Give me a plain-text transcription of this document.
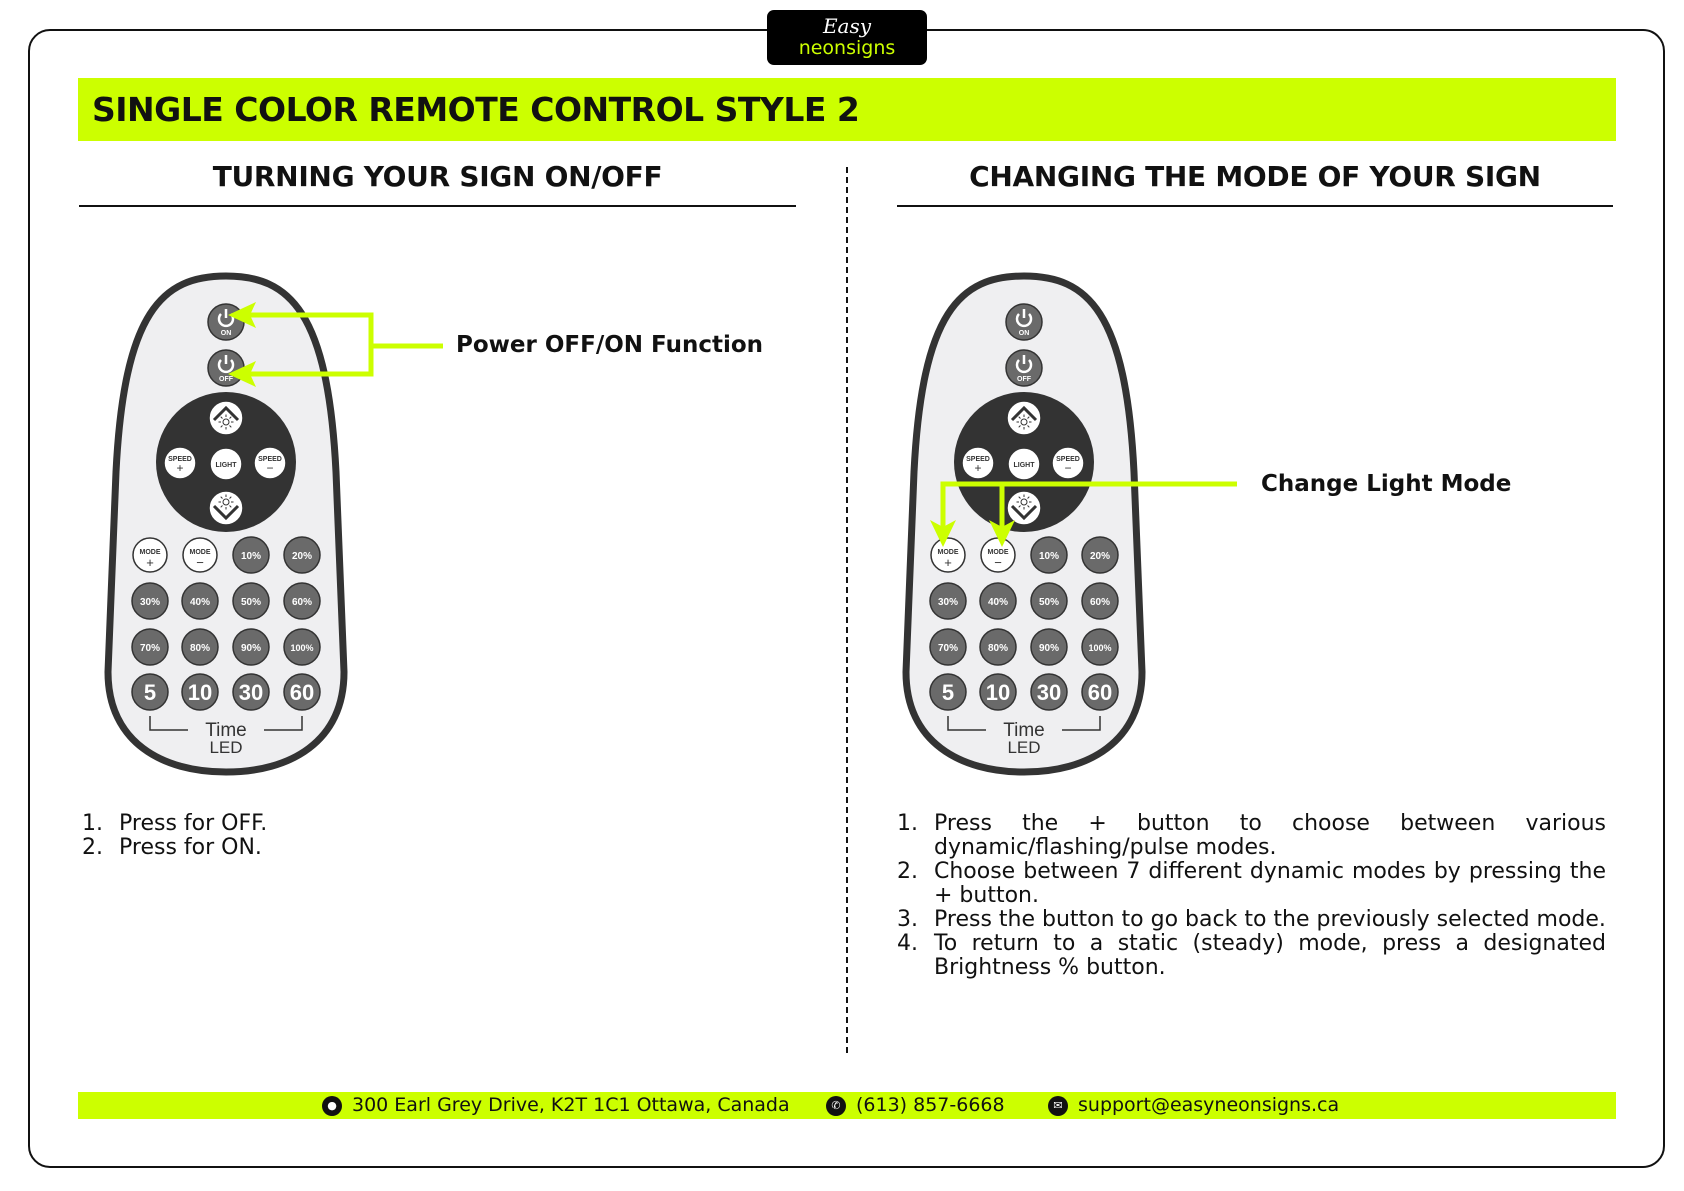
Easy
neonsigns
SINGLE COLOR REMOTE CONTROL STYLE 2
TURNING YOUR SIGN ON/OFF	CHANGING THE MODE OF YOUR SIGN
ON
OFF
SPEED
+	LIGHT
SPEED
−
MODE
+
MODE
−	10%	20%
30%	40%	50%	60%
70%	80%	90%	100%
5 10 30 60
Time
LED
ON
OFF
SPEED
+	LIGHT
SPEED
−
MODE
+
MODE
−	10%	20%
30%	40%	50%	60%
70%	80%	90%	100%
5 10 30 60
Time
LED
Power OFF/ON Function
Change Light Mode
1. Press for OFF.
2. Press for ON.
1. Press the + button to choose between various dynamic/flashing/pulse modes.
2. Choose between 7 different dynamic modes by pressing the + button.
3. Press the button to go back to the previously selected mode.
4. To return to a static (steady) mode, press a designated Brightness % button.
● 300 Earl Grey Drive, K2T 1C1 Ottawa, Canada	✆ (613) 857-6668	✉ support@easyneonsigns.ca
